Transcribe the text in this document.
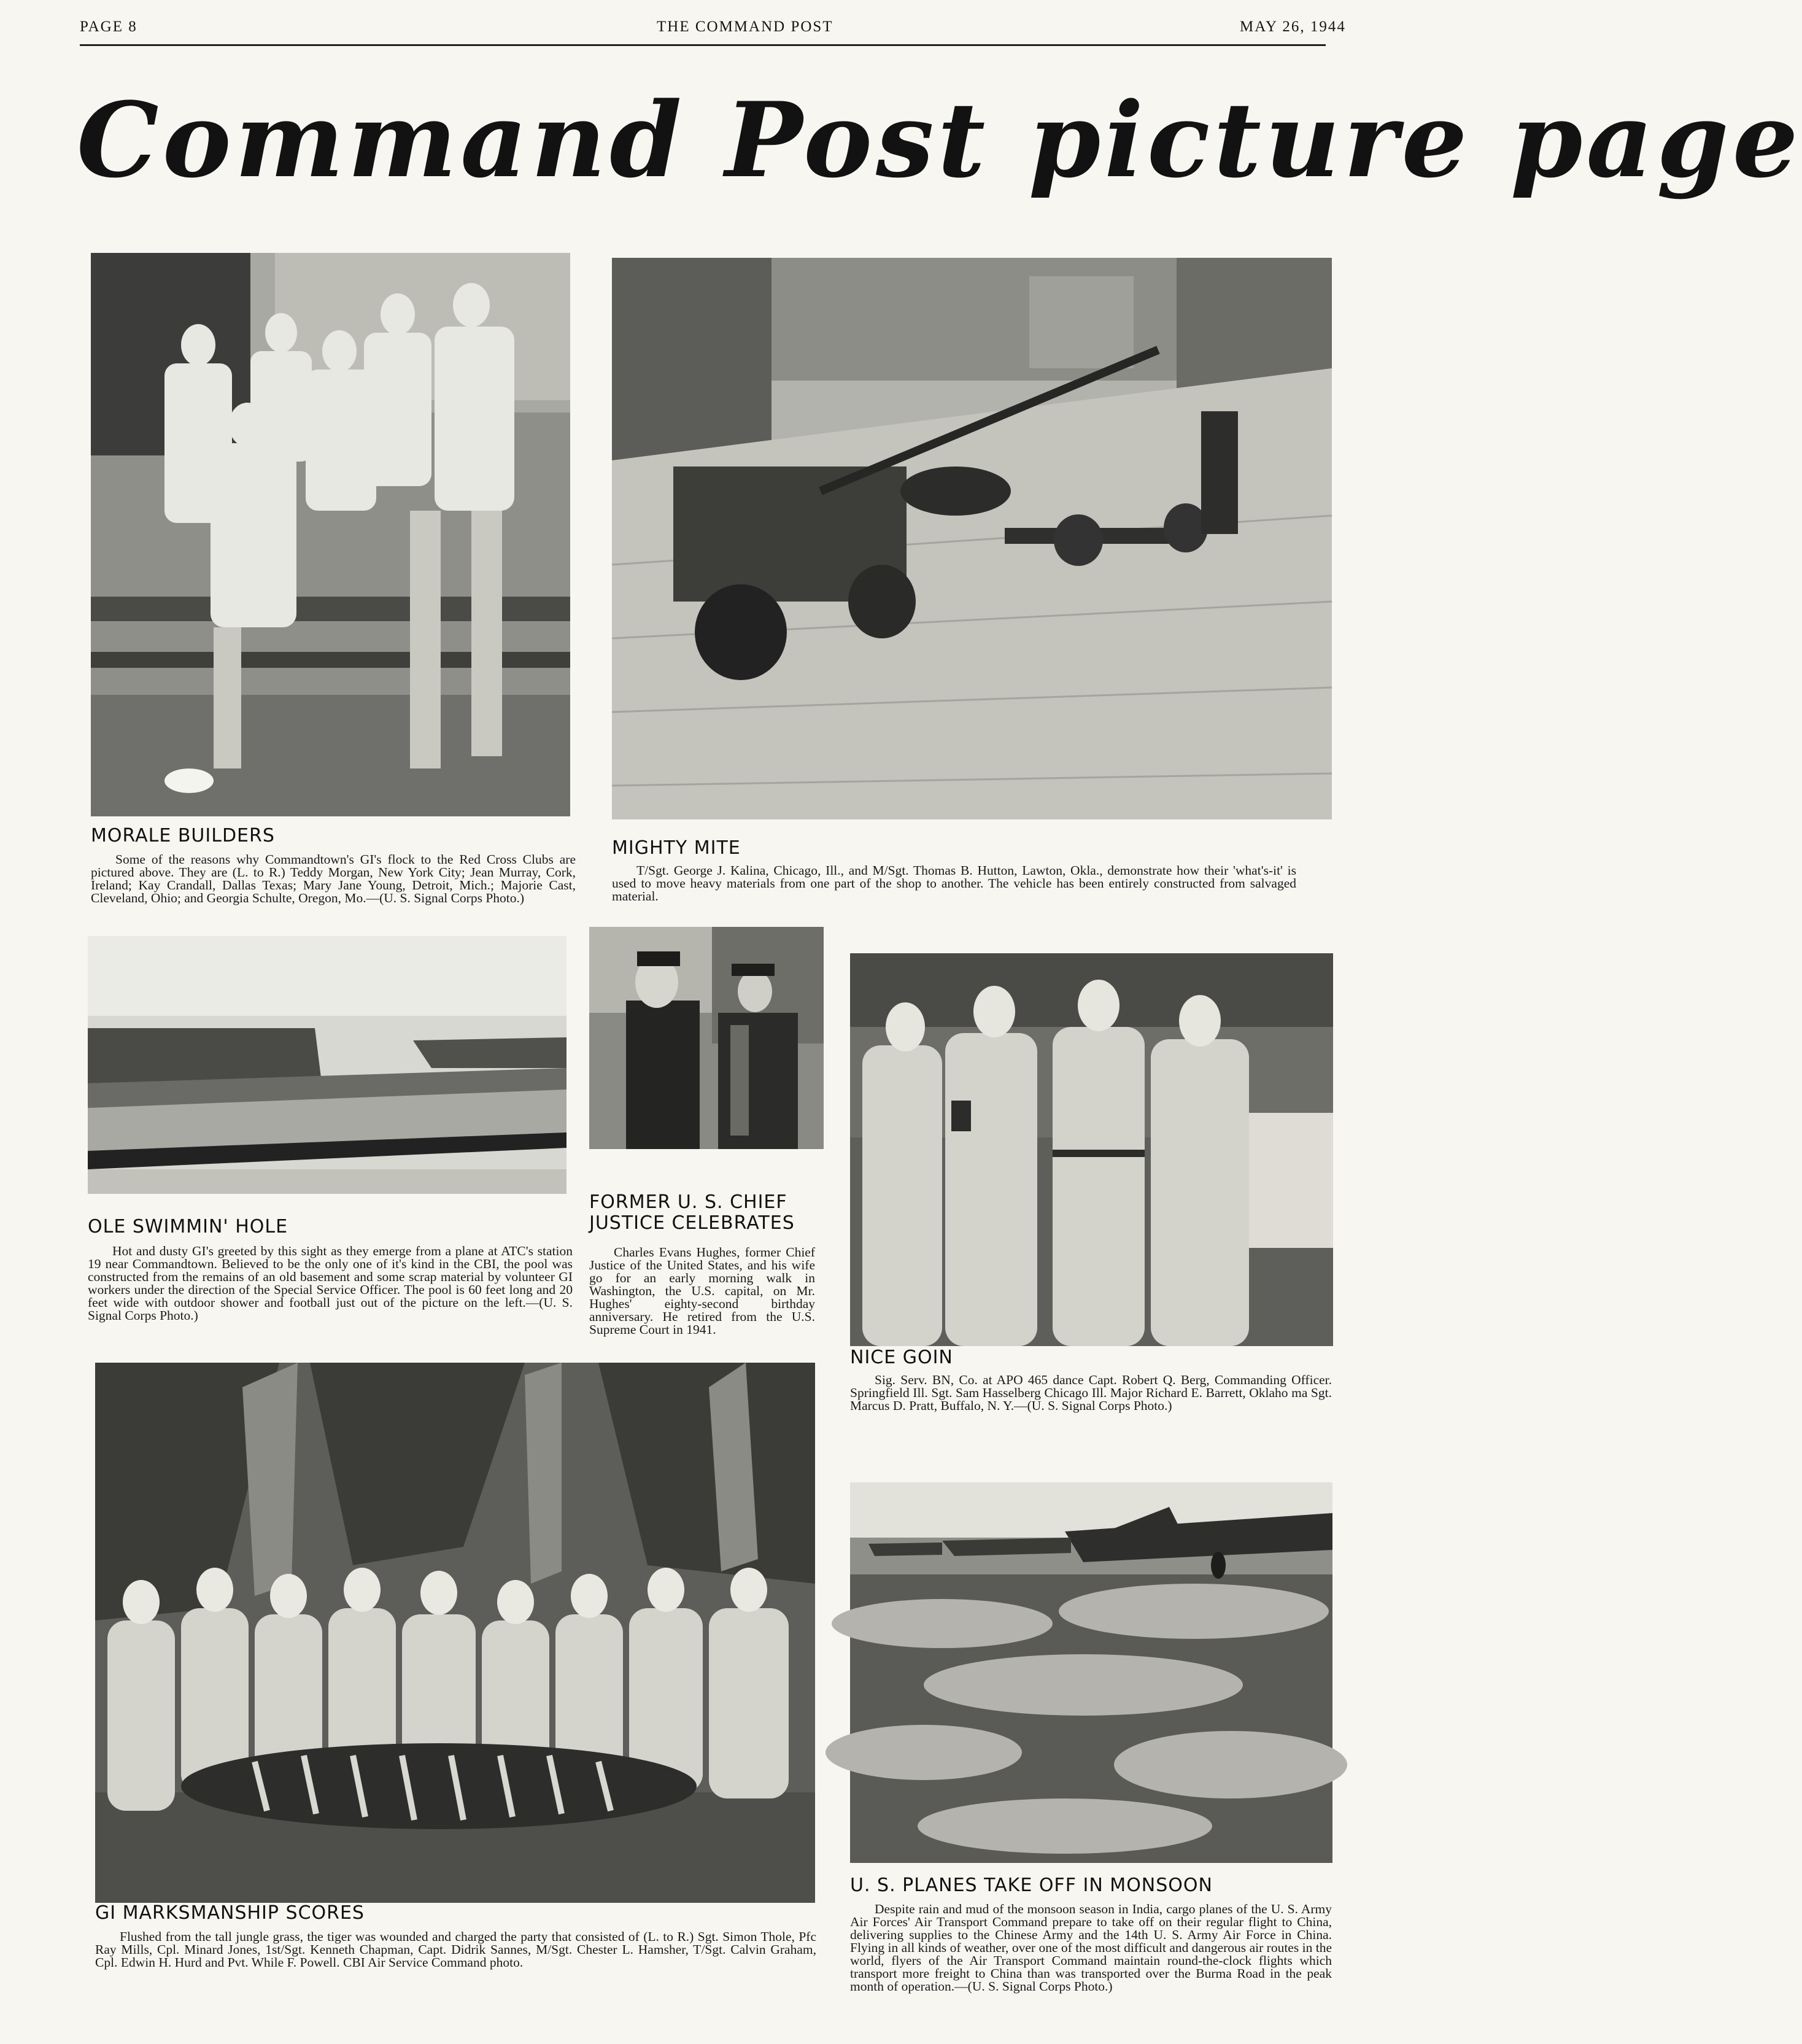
PAGE 8	THE COMMAND POST	MAY 26, 1944
Command Post picture page
MORALE BUILDERS

Some of the reasons why Commandtown's GI's flock to the Red Cross Clubs are pictured above. They are (L. to R.) Teddy Morgan, New York City; Jean Murray, Cork, Ireland; Kay Crandall, Dallas Texas; Mary Jane Young, Detroit, Mich.; Majorie Cast, Cleveland, Ohio; and Georgia Schulte, Oregon, Mo.—(U. S. Signal Corps Photo.)

MIGHTY MITE

T/Sgt. George J. Kalina, Chicago, Ill., and M/Sgt. Thomas B. Hutton, Lawton, Okla., demonstrate how their 'what's-it' is used to move heavy materials from one part of the shop to another. The vehicle has been entirely constructed from salvaged material.

OLE SWIMMIN' HOLE

Hot and dusty GI's greeted by this sight as they emerge from a plane at ATC's station 19 near Commandtown. Believed to be the only one of it's kind in the CBI, the pool was constructed from the remains of an old basement and some scrap material by volunteer GI workers under the direction of the Special Service Officer. The pool is 60 feet long and 20 feet wide with outdoor shower and football just out of the picture on the left.—(U. S. Signal Corps Photo.)

FORMER U. S. CHIEF JUSTICE CELEBRATES

Charles Evans Hughes, former Chief Justice of the United States, and his wife go for an early morning walk in Washington, the U.S. capital, on Mr. Hughes' eighty-second birthday anniversary. He retired from the U.S. Supreme Court in 1941.

NICE GOIN

Sig. Serv. BN, Co. at APO 465 dance Capt. Robert Q. Berg, Commanding Officer. Springfield Ill. Sgt. Sam Hasselberg Chicago Ill. Major Richard E. Barrett, Oklaho ma Sgt. Marcus D. Pratt, Buffalo, N. Y.—(U. S. Signal Corps Photo.)

GI MARKSMANSHIP SCORES

Flushed from the tall jungle grass, the tiger was wounded and charged the party that consisted of (L. to R.) Sgt. Simon Thole, Pfc Ray Mills, Cpl. Minard Jones, 1st/Sgt. Kenneth Chapman, Capt. Didrik Sannes, M/Sgt. Chester L. Hamsher, T/Sgt. Calvin Graham, Cpl. Edwin H. Hurd and Pvt. While F. Powell. CBI Air Service Command photo.

U. S. PLANES TAKE OFF IN MONSOON

Despite rain and mud of the monsoon season in India, cargo planes of the U. S. Army Air Forces' Air Transport Command prepare to take off on their regular flight to China, delivering supplies to the Chinese Army and the 14th U. S. Army Air Force in China. Flying in all kinds of weather, over one of the most difficult and dangerous air routes in the world, flyers of the Air Transport Command maintain round-the-clock flights which transport more freight to China than was transported over the Burma Road in the peak month of operation.—(U. S. Signal Corps Photo.)
